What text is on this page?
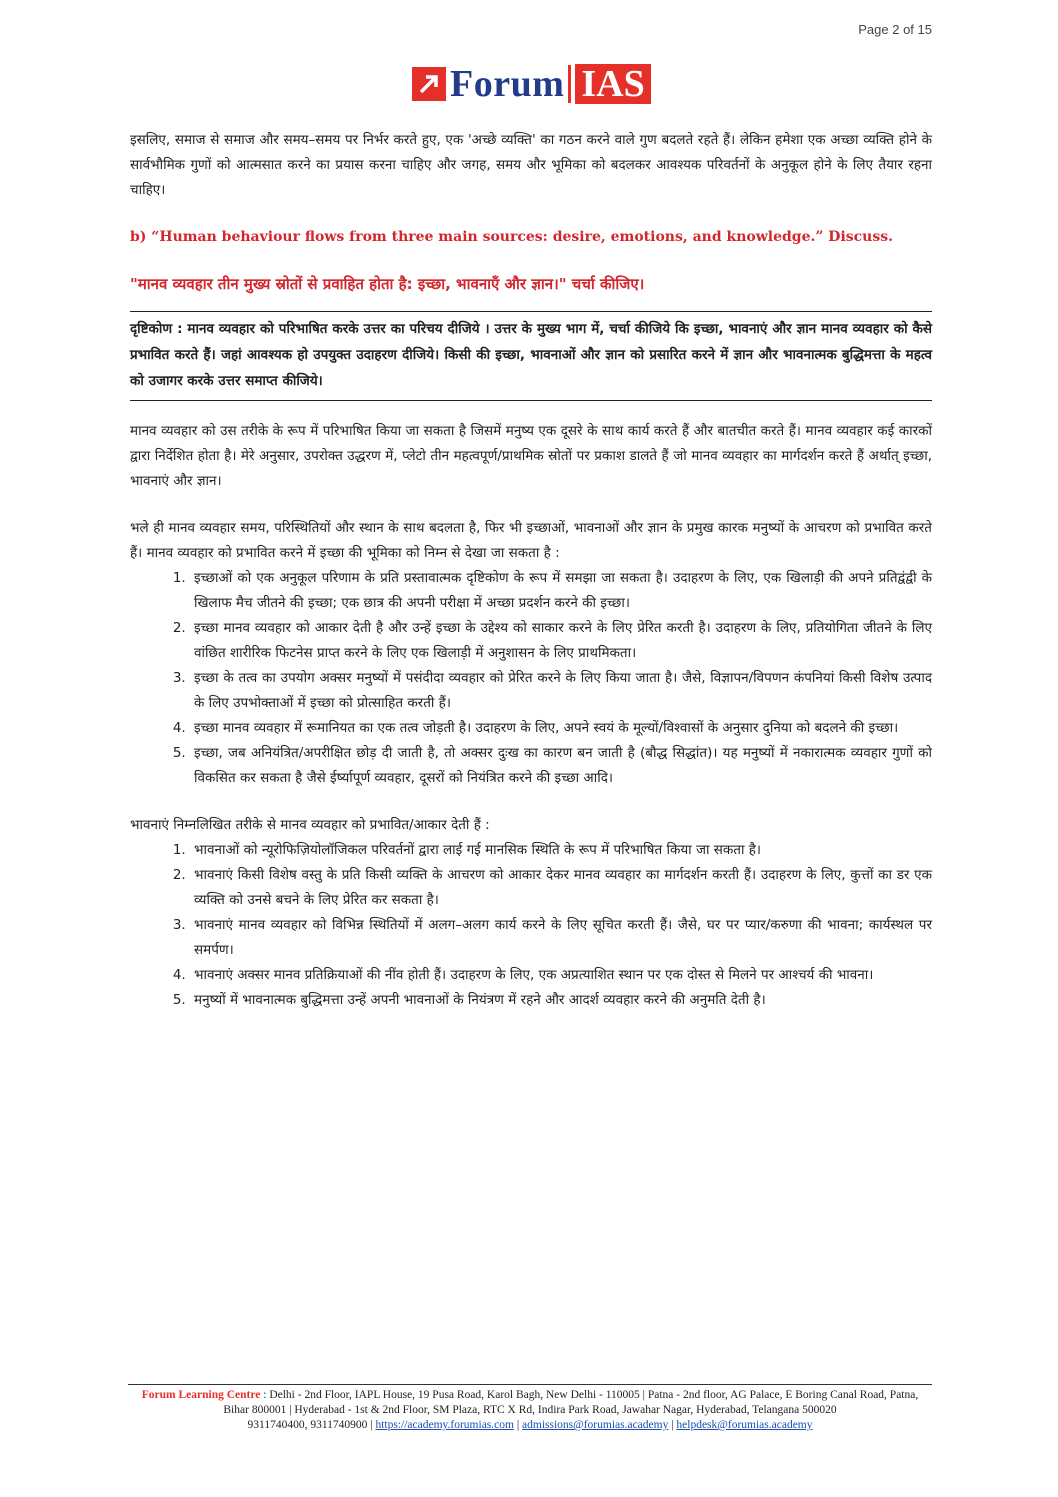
Page 2 of 15
Forum IAS

इसलिए, समाज से समाज और समय–समय पर निर्भर करते हुए, एक 'अच्छे व्यक्ति' का गठन करने वाले गुण बदलते रहते हैं। लेकिन हमेशा एक अच्छा व्यक्ति होने के सार्वभौमिक गुणों को आत्मसात करने का प्रयास करना चाहिए और जगह, समय और भूमिका को बदलकर आवश्यक परिवर्तनों के अनुकूल होने के लिए तैयार रहना चाहिए।

b) “Human behaviour flows from three main sources: desire, emotions, and knowledge.” Discuss.

"मानव व्यवहार तीन मुख्य स्रोतों से प्रवाहित होता है: इच्छा, भावनाएँ और ज्ञान।" चर्चा कीजिए।

दृष्टिकोण : मानव व्यवहार को परिभाषित करके उत्तर का परिचय दीजिये । उत्तर के मुख्य भाग में, चर्चा कीजिये कि इच्छा, भावनाएं और ज्ञान मानव व्यवहार को कैसे प्रभावित करते हैं। जहां आवश्यक हो उपयुक्त उदाहरण दीजिये। किसी की इच्छा, भावनाओं और ज्ञान को प्रसारित करने में ज्ञान और भावनात्मक बुद्धिमत्ता के महत्व को उजागर करके उत्तर समाप्त कीजिये।

मानव व्यवहार को उस तरीके के रूप में परिभाषित किया जा सकता है जिसमें मनुष्य एक दूसरे के साथ कार्य करते हैं और बातचीत करते हैं। मानव व्यवहार कई कारकों द्वारा निर्देशित होता है। मेरे अनुसार, उपरोक्त उद्धरण में, प्लेटो तीन महत्वपूर्ण/प्राथमिक स्रोतों पर प्रकाश डालते हैं जो मानव व्यवहार का मार्गदर्शन करते हैं अर्थात् इच्छा, भावनाएं और ज्ञान।

भले ही मानव व्यवहार समय, परिस्थितियों और स्थान के साथ बदलता है, फिर भी इच्छाओं, भावनाओं और ज्ञान के प्रमुख कारक मनुष्यों के आचरण को प्रभावित करते हैं। मानव व्यवहार को प्रभावित करने में इच्छा की भूमिका को निम्न से देखा जा सकता है :

1. इच्छाओं को एक अनुकूल परिणाम के प्रति प्रस्तावात्मक दृष्टिकोण के रूप में समझा जा सकता है। उदाहरण के लिए, एक खिलाड़ी की अपने प्रतिद्वंद्वी के खिलाफ मैच जीतने की इच्छा; एक छात्र की अपनी परीक्षा में अच्छा प्रदर्शन करने की इच्छा।
2. इच्छा मानव व्यवहार को आकार देती है और उन्हें इच्छा के उद्देश्य को साकार करने के लिए प्रेरित करती है। उदाहरण के लिए, प्रतियोगिता जीतने के लिए वांछित शारीरिक फिटनेस प्राप्त करने के लिए एक खिलाड़ी में अनुशासन के लिए प्राथमिकता।
3. इच्छा के तत्व का उपयोग अक्सर मनुष्यों में पसंदीदा व्यवहार को प्रेरित करने के लिए किया जाता है। जैसे, विज्ञापन/विपणन कंपनियां किसी विशेष उत्पाद के लिए उपभोक्ताओं में इच्छा को प्रोत्साहित करती हैं।
4. इच्छा मानव व्यवहार में रूमानियत का एक तत्व जोड़ती है। उदाहरण के लिए, अपने स्वयं के मूल्यों/विश्वासों के अनुसार दुनिया को बदलने की इच्छा।
5. इच्छा, जब अनियंत्रित/अपरीक्षित छोड़ दी जाती है, तो अक्सर दुःख का कारण बन जाती है (बौद्ध सिद्धांत)। यह मनुष्यों में नकारात्मक व्यवहार गुणों को विकसित कर सकता है जैसे ईर्ष्यापूर्ण व्यवहार, दूसरों को नियंत्रित करने की इच्छा आदि।

भावनाएं निम्नलिखित तरीके से मानव व्यवहार को प्रभावित/आकार देती हैं :

1. भावनाओं को न्यूरोफिज़ियोलॉजिकल परिवर्तनों द्वारा लाई गई मानसिक स्थिति के रूप में परिभाषित किया जा सकता है।
2. भावनाएं किसी विशेष वस्तु के प्रति किसी व्यक्ति के आचरण को आकार देकर मानव व्यवहार का मार्गदर्शन करती हैं। उदाहरण के लिए, कुत्तों का डर एक व्यक्ति को उनसे बचने के लिए प्रेरित कर सकता है।
3. भावनाएं मानव व्यवहार को विभिन्न स्थितियों में अलग–अलग कार्य करने के लिए सूचित करती हैं। जैसे, घर पर प्यार/करुणा की भावना; कार्यस्थल पर समर्पण।
4. भावनाएं अक्सर मानव प्रतिक्रियाओं की नींव होती हैं। उदाहरण के लिए, एक अप्रत्याशित स्थान पर एक दोस्त से मिलने पर आश्चर्य की भावना।
5. मनुष्यों में भावनात्मक बुद्धिमत्ता उन्हें अपनी भावनाओं के नियंत्रण में रहने और आदर्श व्यवहार करने की अनुमति देती है।
Forum Learning Centre : Delhi - 2nd Floor, IAPL House, 19 Pusa Road, Karol Bagh, New Delhi - 110005 | Patna - 2nd floor, AG Palace, E Boring Canal Road, Patna, Bihar 800001 | Hyderabad - 1st & 2nd Floor, SM Plaza, RTC X Rd, Indira Park Road, Jawahar Nagar, Hyderabad, Telangana 500020
9311740400, 9311740900 | https://academy.forumias.com | admissions@forumias.academy | helpdesk@forumias.academy
